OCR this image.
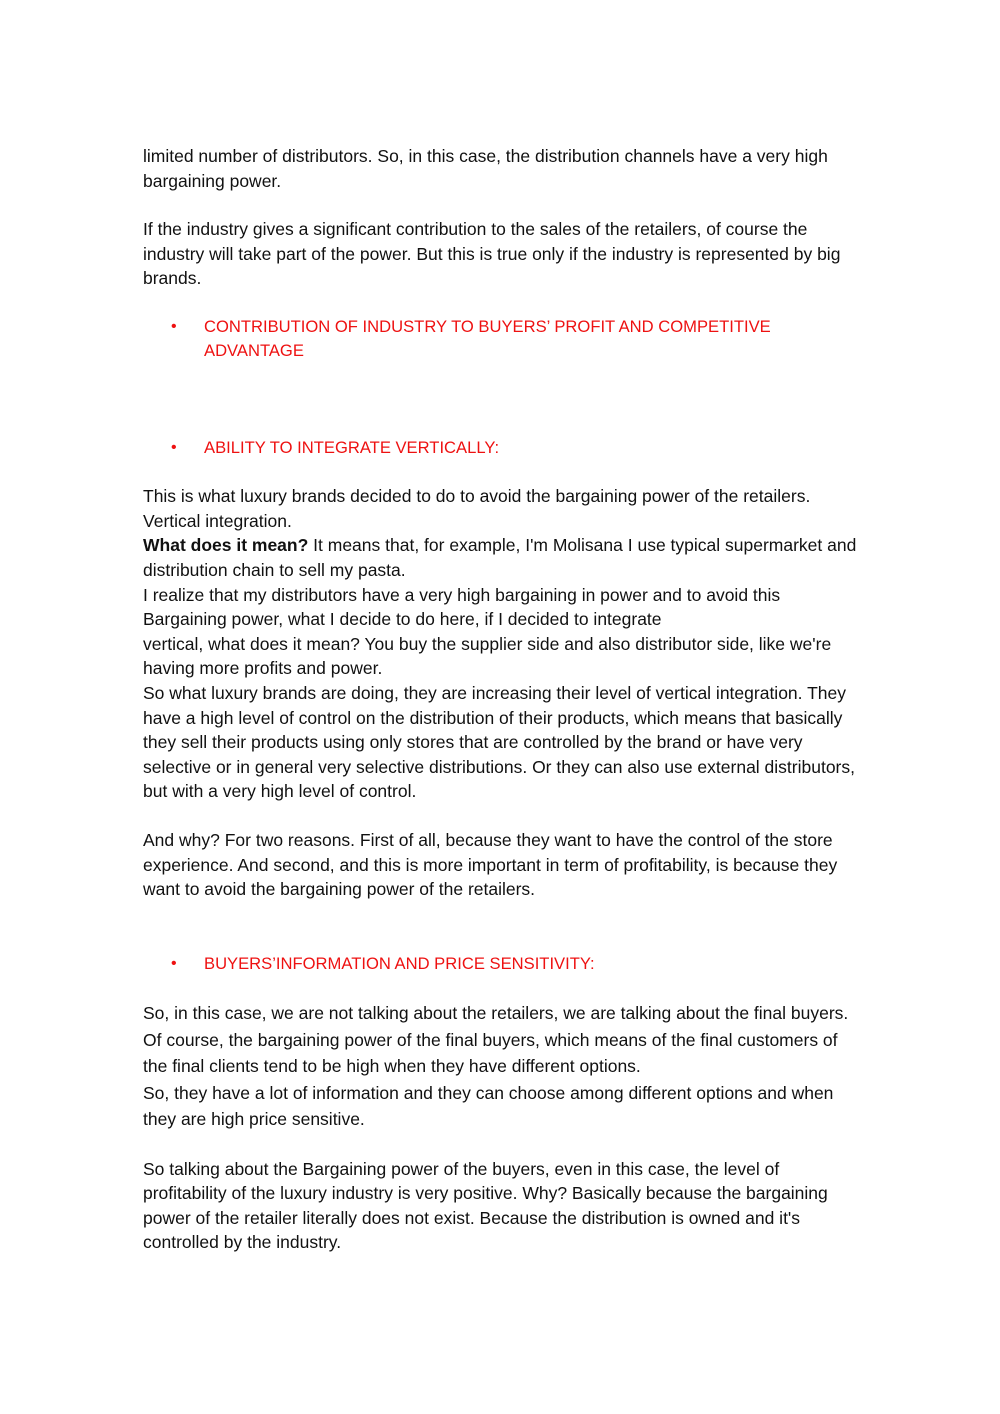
limited number of distributors. So, in this case, the distribution channels have a very high bargaining power.

If the industry gives a significant contribution to the sales of the retailers, of course the industry will take part of the power. But this is true only if the industry is represented by big brands.

• CONTRIBUTION OF INDUSTRY TO BUYERS’ PROFIT AND COMPETITIVE ADVANTAGE
• ABILITY TO INTEGRATE VERTICALLY:

This is what luxury brands decided to do to avoid the bargaining power of the retailers. Vertical integration.

What does it mean? It means that, for example, I'm Molisana I use typical supermarket and distribution chain to sell my pasta.

I realize that my distributors have a very high bargaining in power and to avoid this Bargaining power, what I decide to do here, if I decided to integrate

vertical, what does it mean? You buy the supplier side and also distributor side, like we're having more profits and power.

So what luxury brands are doing, they are increasing their level of vertical integration. They have a high level of control on the distribution of their products, which means that basically they sell their products using only stores that are controlled by the brand or have very selective or in general very selective distributions. Or they can also use external distributors, but with a very high level of control.

And why? For two reasons. First of all, because they want to have the control of the store experience. And second, and this is more important in term of profitability, is because they want to avoid the bargaining power of the retailers.

• BUYERS’INFORMATION AND PRICE SENSITIVITY:

So, in this case, we are not talking about the retailers, we are talking about the final buyers. Of course, the bargaining power of the final buyers, which means of the final customers of the final clients tend to be high when they have different options.

So, they have a lot of information and they can choose among different options and when they are high price sensitive.

So talking about the Bargaining power of the buyers, even in this case, the level of profitability of the luxury industry is very positive. Why? Basically because the bargaining power of the retailer literally does not exist. Because the distribution is owned and it's controlled by the industry.
